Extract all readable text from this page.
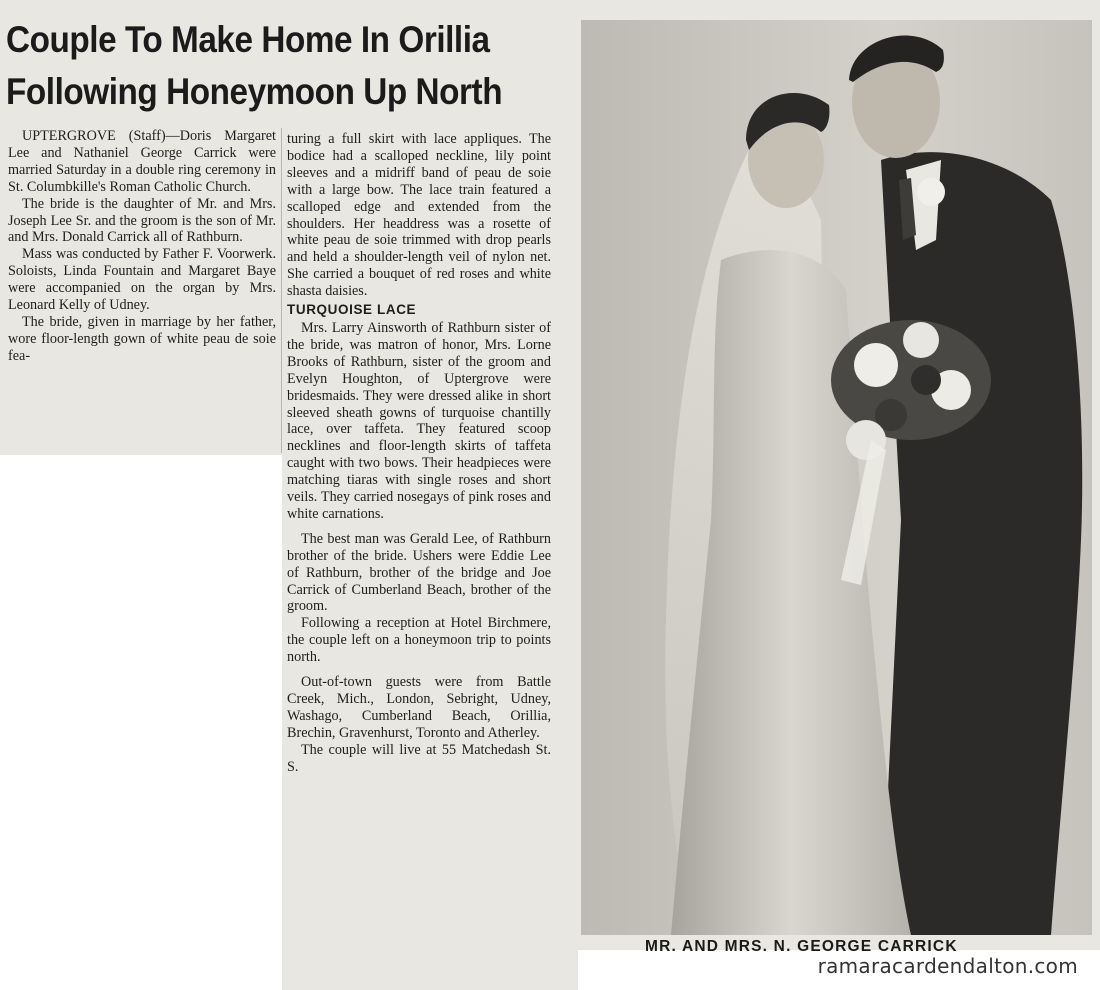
Couple To Make Home In Orillia
Following Honeymoon Up North

UPTERGROVE (Staff)—Doris Margaret Lee and Nathaniel George Carrick were married Saturday in a double ring ceremony in St. Columbkille's Roman Catholic Church.

The bride is the daughter of Mr. and Mrs. Joseph Lee Sr. and the groom is the son of Mr. and Mrs. Donald Carrick all of Rathburn.

Mass was conducted by Father F. Voorwerk. Soloists, Linda Fountain and Margaret Baye were accompanied on the organ by Mrs. Leonard Kelly of Udney.

The bride, given in marriage by her father, wore floor-length gown of white peau de soie fea-

turing a full skirt with lace appliques. The bodice had a scalloped neckline, lily point sleeves and a midriff band of peau de soie with a large bow. The lace train featured a scalloped edge and extended from the shoulders. Her headdress was a rosette of white peau de soie trimmed with drop pearls and held a shoulder-length veil of nylon net. She carried a bouquet of red roses and white shasta daisies.

TURQUOISE LACE

Mrs. Larry Ainsworth of Rathburn sister of the bride, was matron of honor, Mrs. Lorne Brooks of Rathburn, sister of the groom and Evelyn Houghton, of Uptergrove were bridesmaids. They were dressed alike in short sleeved sheath gowns of turquoise chantilly lace, over taffeta. They featured scoop necklines and floor-length skirts of taffeta caught with two bows. Their headpieces were matching tiaras with single roses and short veils. They carried nosegays of pink roses and white carnations.

The best man was Gerald Lee, of Rathburn brother of the bride. Ushers were Eddie Lee of Rathburn, brother of the bridge and Joe Carrick of Cumberland Beach, brother of the groom.

Following a reception at Hotel Birchmere, the couple left on a honeymoon trip to points north.

Out-of-town guests were from Battle Creek, Mich., London, Sebright, Udney, Washago, Cumberland Beach, Orillia, Brechin, Gravenhurst, Toronto and Atherley.

The couple will live at 55 Matchedash St. S.

MR. AND MRS. N. GEORGE CARRICK
ramaracardendalton.com
